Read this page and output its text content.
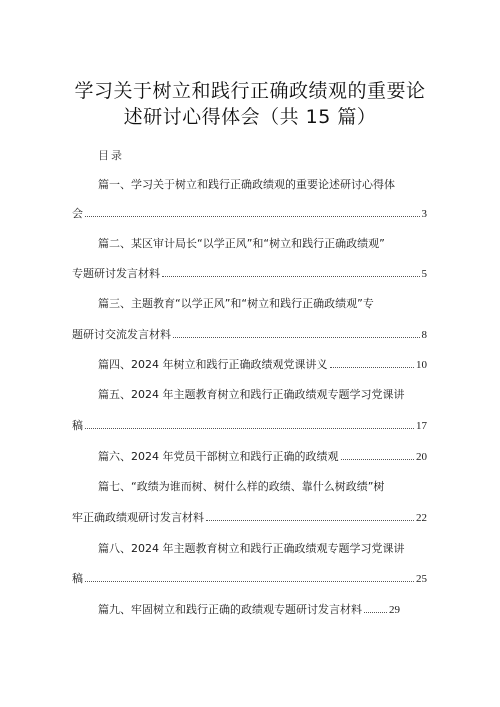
学习关于树立和践行正确政绩观的重要论
述研讨心得体会（共 15 篇）
目录
篇一、学习关于树立和践行正确政绩观的重要论述研讨心得体
会	3
篇二、某区审计局长“以学正风”和“树立和践行正确政绩观”
专题研讨发言材料	5
篇三、主题教育“以学正风”和“树立和践行正确政绩观”专
题研讨交流发言材料	8
篇四、2024 年树立和践行正确政绩观党课讲义	10
篇五、2024 年主题教育树立和践行正确政绩观专题学习党课讲
稿	17
篇六、2024 年党员干部树立和践行正确的政绩观	20
篇七、“政绩为谁而树、树什么样的政绩、靠什么树政绩”树
牢正确政绩观研讨发言材料	22
篇八、2024 年主题教育树立和践行正确政绩观专题学习党课讲
稿	25
篇九、牢固树立和践行正确的政绩观专题研讨发言材料 29
